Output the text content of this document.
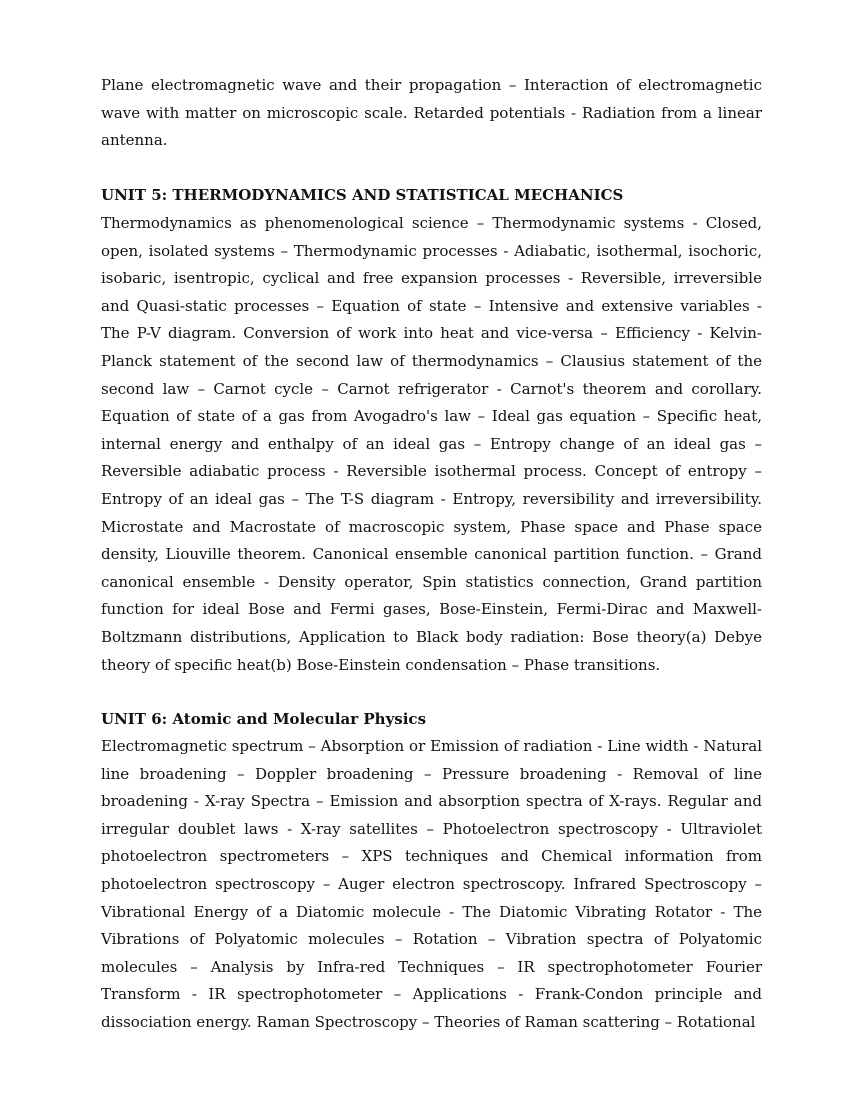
Plane electromagnetic wave and their propagation – Interaction of electromagnetic wave with matter on microscopic scale. Retarded potentials - Radiation from a linear antenna.

UNIT 5: THERMODYNAMICS AND STATISTICAL MECHANICS

Thermodynamics as phenomenological science – Thermodynamic systems - Closed, open, isolated systems – Thermodynamic processes - Adiabatic, isothermal, isochoric, isobaric, isentropic, cyclical and free expansion processes - Reversible, irreversible and Quasi-static processes – Equation of state – Intensive and extensive variables - The P-V diagram. Conversion of work into heat and vice-versa – Efficiency - Kelvin-Planck statement of the second law of thermodynamics – Clausius statement of the second law – Carnot cycle – Carnot refrigerator - Carnot's theorem and corollary. Equation of state of a gas from Avogadro's law – Ideal gas equation – Specific heat, internal energy and enthalpy of an ideal gas – Entropy change of an ideal gas – Reversible adiabatic process - Reversible isothermal process. Concept of entropy – Entropy of an ideal gas – The T-S diagram - Entropy, reversibility and irreversibility. Microstate and Macrostate of macroscopic system, Phase space and Phase space density, Liouville theorem. Canonical ensemble canonical partition function. – Grand canonical ensemble - Density operator, Spin statistics connection, Grand partition function for ideal Bose and Fermi gases, Bose-Einstein, Fermi-Dirac and Maxwell-Boltzmann distributions, Application to Black body radiation: Bose theory(a) Debye theory of specific heat(b) Bose-Einstein condensation – Phase transitions.

UNIT 6: Atomic and Molecular Physics

Electromagnetic spectrum – Absorption or Emission of radiation - Line width - Natural line broadening – Doppler broadening – Pressure broadening - Removal of line broadening - X-ray Spectra – Emission and absorption spectra of X-rays. Regular and irregular doublet laws - X-ray satellites – Photoelectron spectroscopy - Ultraviolet photoelectron spectrometers – XPS techniques and Chemical information from photoelectron spectroscopy – Auger electron spectroscopy. Infrared Spectroscopy – Vibrational Energy of a Diatomic molecule - The Diatomic Vibrating Rotator - The Vibrations of Polyatomic molecules – Rotation – Vibration spectra of Polyatomic molecules – Analysis by Infra-red Techniques – IR spectrophotometer Fourier Transform - IR spectrophotometer – Applications - Frank-Condon principle and dissociation energy. Raman Spectroscopy – Theories of Raman scattering – Rotational
